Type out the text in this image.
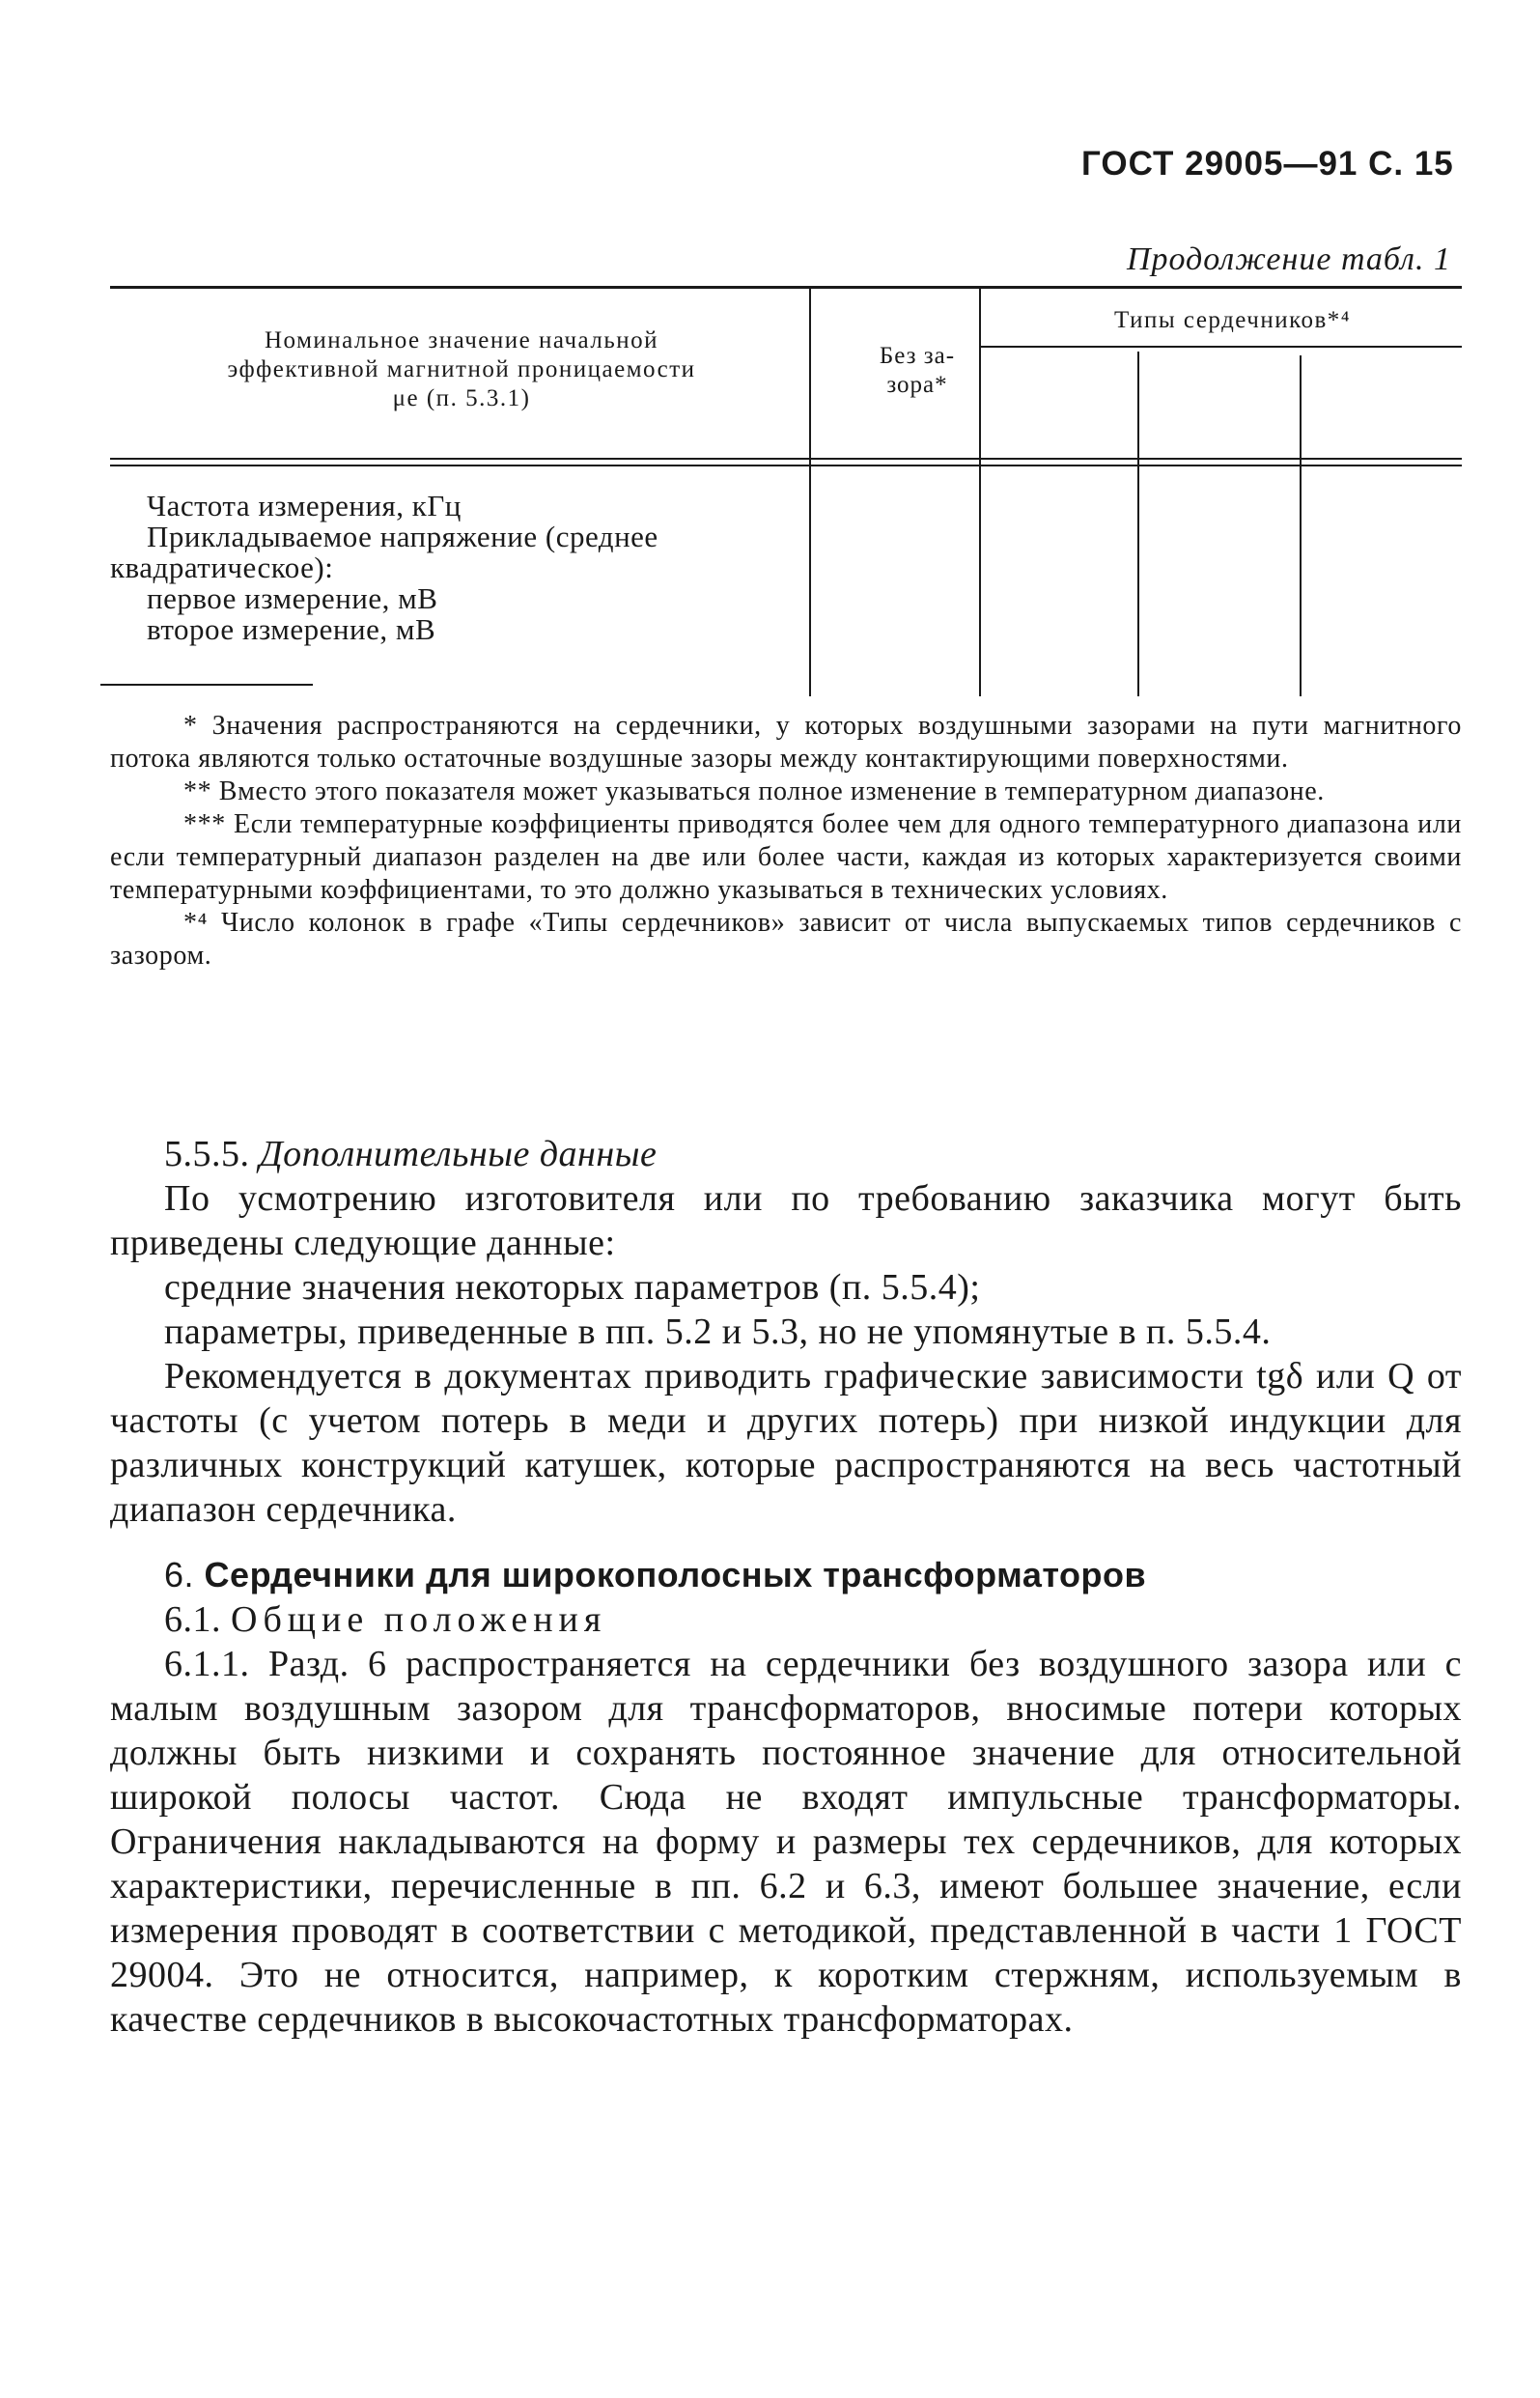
ГОСТ 29005—91 С. 15
Продолжение табл. 1
Номинальное значение начальной
эффективной магнитной проницаемости
μe (п. 5.3.1)
Без за-
зора*
Типы сердечников*⁴
Частота измерения, кГц
Прикладываемое напряжение (среднее
квадратическое):
первое измерение, мВ
второе измерение, мВ

* Значения распространяются на сердечники, у которых воздушными зазорами на пути магнитного потока являются только остаточные воздушные зазоры между контактирующими поверхностями.

** Вместо этого показателя может указываться полное изменение в температурном диапазоне.

*** Если температурные коэффициенты приводятся более чем для одного температурного диапазона или если температурный диапазон разделен на две или более части, каждая из которых характеризуется своими температурными коэффициентами, то это должно указываться в технических условиях.

*⁴ Число колонок в графе «Типы сердечников» зависит от числа выпускаемых типов сердечников с зазором.

5.5.5. Дополнительные данные

По усмотрению изготовителя или по требованию заказчика могут быть приведены следующие данные:

средние значения некоторых параметров (п. 5.5.4);

параметры, приведенные в пп. 5.2 и 5.3, но не упомянутые в п. 5.5.4.

Рекомендуется в документах приводить графические зависимости tgδ или Q от частоты (с учетом потерь в меди и других потерь) при низкой индукции для различных конструкций катушек, которые распространяются на весь частотный диапазон сердечника.

6. Сердечники для широкополосных трансформаторов

6.1. Общие положения

6.1.1. Разд. 6 распространяется на сердечники без воздушного зазора или с малым воздушным зазором для трансформаторов, вносимые потери которых должны быть низкими и сохранять постоянное значение для относительной широкой полосы частот. Сюда не входят импульсные трансформаторы. Ограничения накладываются на форму и размеры тех сердечников, для которых характеристики, перечисленные в пп. 6.2 и 6.3, имеют большее значение, если измерения проводят в соответствии с методикой, представленной в части 1 ГОСТ 29004. Это не относится, например, к коротким стержням, используемым в качестве сердечников в высокочастотных трансформаторах.
